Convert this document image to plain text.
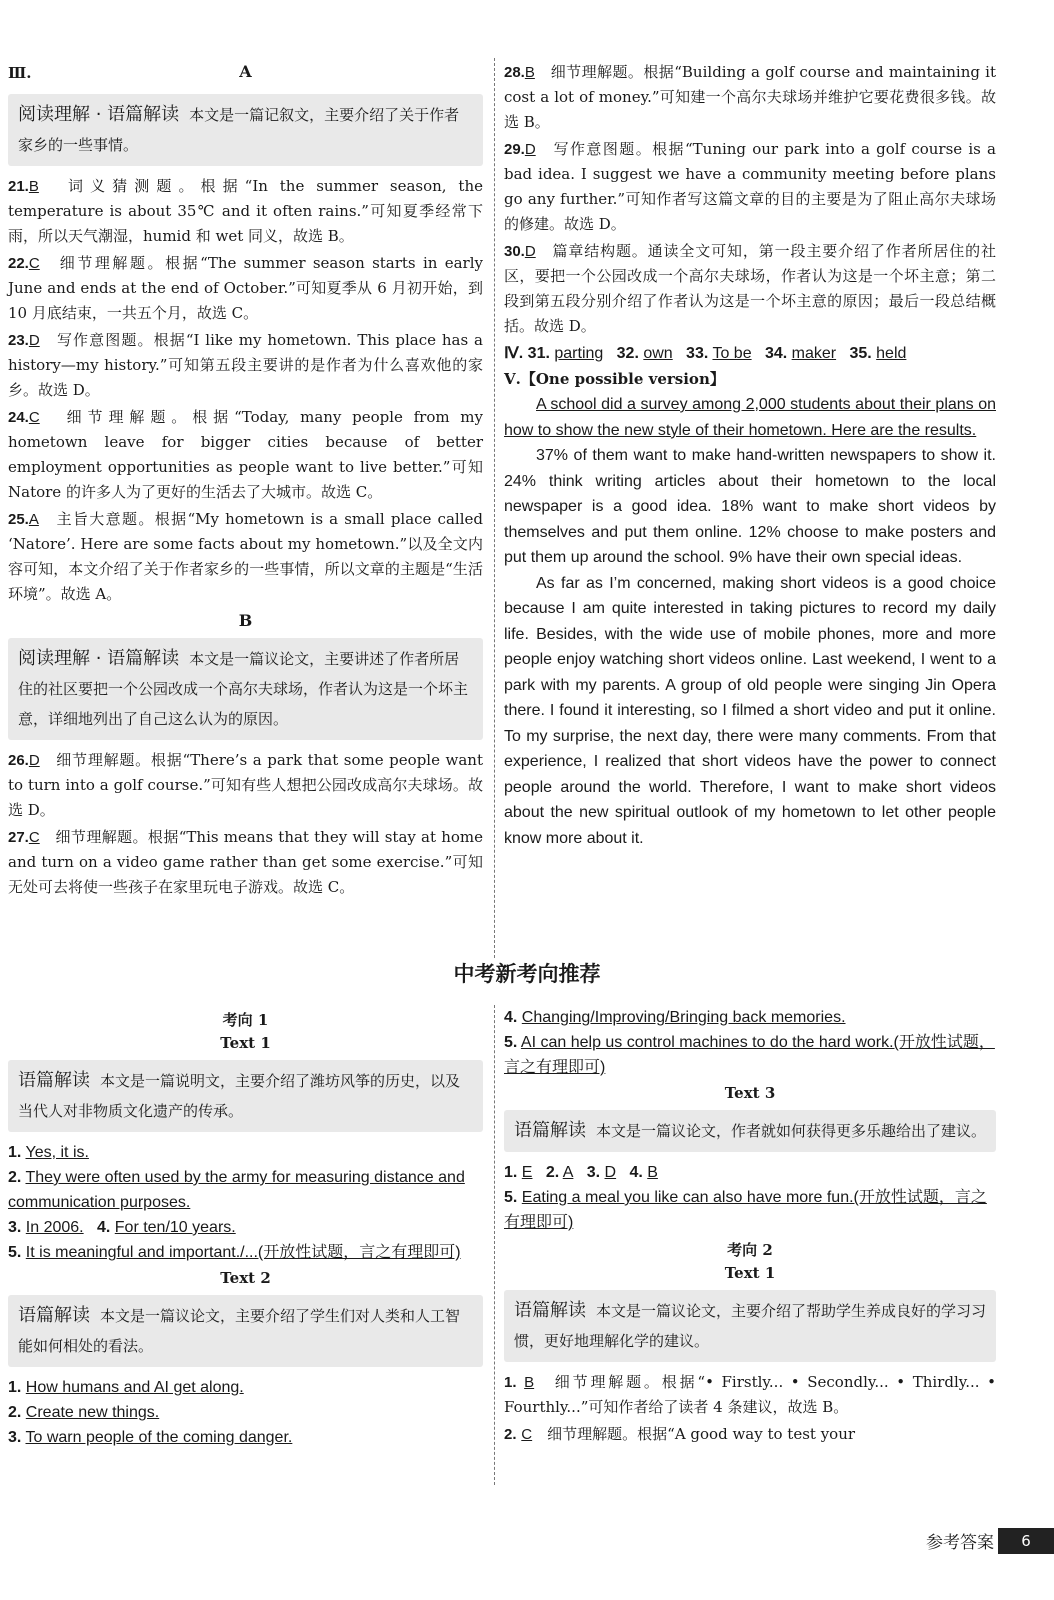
Ⅲ.	A
阅读理解 · 语篇解读 本文是一篇记叙文，主要介绍了关于作者家乡的一些事情。
21.B　 词义猜测题。根据“In the summer season, the temperature is about 35℃ and it often rains.”可知夏季经常下雨，所以天气潮湿，humid 和 wet 同义，故选 B。
22.C　 细节理解题。根据“The summer season starts in early June and ends at the end of October.”可知夏季从 6 月初开始，到 10 月底结束，一共五个月，故选 C。
23.D　 写作意图题。根据“I like my hometown. This place has a history—my history.”可知第五段主要讲的是作者为什么喜欢他的家乡。故选 D。
24.C　 细节理解题。根据“Today, many people from my hometown leave for bigger cities because of better employment opportunities as people want to live better.”可知 Natore 的许多人为了更好的生活去了大城市。故选 C。
25.A　 主旨大意题。根据“My hometown is a small place called ‘Natore’. Here are some facts about my hometown.”以及全文内容可知，本文介绍了关于作者家乡的一些事情，所以文章的主题是“生活环境”。故选 A。
B
阅读理解 · 语篇解读 本文是一篇议论文，主要讲述了作者所居住的社区要把一个公园改成一个高尔夫球场，作者认为这是一个坏主意，详细地列出了自己这么认为的原因。
26.D　 细节理解题。根据“There’s a park that some people want to turn into a golf course.”可知有些人想把公园改成高尔夫球场。故选 D。
27.C　 细节理解题。根据“This means that they will stay at home and turn on a video game rather than get some exercise.”可知无处可去将使一些孩子在家里玩电子游戏。故选 C。
28.B　 细节理解题。根据“Building a golf course and maintaining it cost a lot of money.”可知建一个高尔夫球场并维护它要花费很多钱。故选 B。
29.D　 写作意图题。根据“Tuning our park into a golf course is a bad idea. I suggest we have a community meeting before plans go any further.”可知作者写这篇文章的目的主要是为了阻止高尔夫球场的修建。故选 D。
30.D　 篇章结构题。通读全文可知，第一段主要介绍了作者所居住的社区，要把一个公园改成一个高尔夫球场，作者认为这是一个坏主意；第二段到第五段分别介绍了作者认为这是一个坏主意的原因；最后一段总结概括。故选 D。
Ⅳ. 31. parting 32. own 33. To be 34. maker 35. held
Ⅴ.【One possible version】

A school did a survey among 2,000 students about their plans on how to show the new style of their hometown. Here are the results.

37% of them want to make hand-written newspapers to show it. 24% think writing articles about their hometown to the local newspaper is a good idea. 18% want to make short videos by themselves and put them online. 12% choose to make posters and put them up around the school. 9% have their own special ideas.

As far as I’m concerned, making short videos is a good choice because I am quite interested in taking pictures to record my daily life. Besides, with the wide use of mobile phones, more and more people enjoy watching short videos online. Last weekend, I went to a park with my parents. A group of old people were singing Jin Opera there. I found it interesting, so I filmed a short video and put it online. To my surprise, the next day, there were many comments. From that experience, I realized that short videos have the power to connect people around the world. Therefore, I want to make short videos about the new spiritual outlook of my hometown to let other people know more about it.

中考新考向推荐
考向 1
Text 1
语篇解读 本文是一篇说明文，主要介绍了潍坊风筝的历史，以及当代人对非物质文化遗产的传承。
1. Yes, it is.
2. They were often used by the army for measuring distance and communication purposes.
3. In 2006. 4. For ten/10 years.
5. It is meaningful and important./...(开放性试题，言之有理即可)
Text 2
语篇解读 本文是一篇议论文，主要介绍了学生们对人类和人工智能如何相处的看法。
1. How humans and AI get along.
2. Create new things.
3. To warn people of the coming danger.
4. Changing/Improving/Bringing back memories.
5. AI can help us control machines to do the hard work.(开放性试题，言之有理即可)
Text 3
语篇解读 本文是一篇议论文，作者就如何获得更多乐趣给出了建议。
1. E 2. A 3. D 4. B
5. Eating a meal you like can also have more fun.(开放性试题，言之有理即可)
考向 2
Text 1
语篇解读 本文是一篇议论文，主要介绍了帮助学生养成良好的学习习惯，更好地理解化学的建议。
1. B　 细节理解题。根据“• Firstly... • Secondly... • Thirdly... • Fourthly...”可知作者给了读者 4 条建议，故选 B。
2. C　 细节理解题。根据“A good way to test your
参考答案	6
